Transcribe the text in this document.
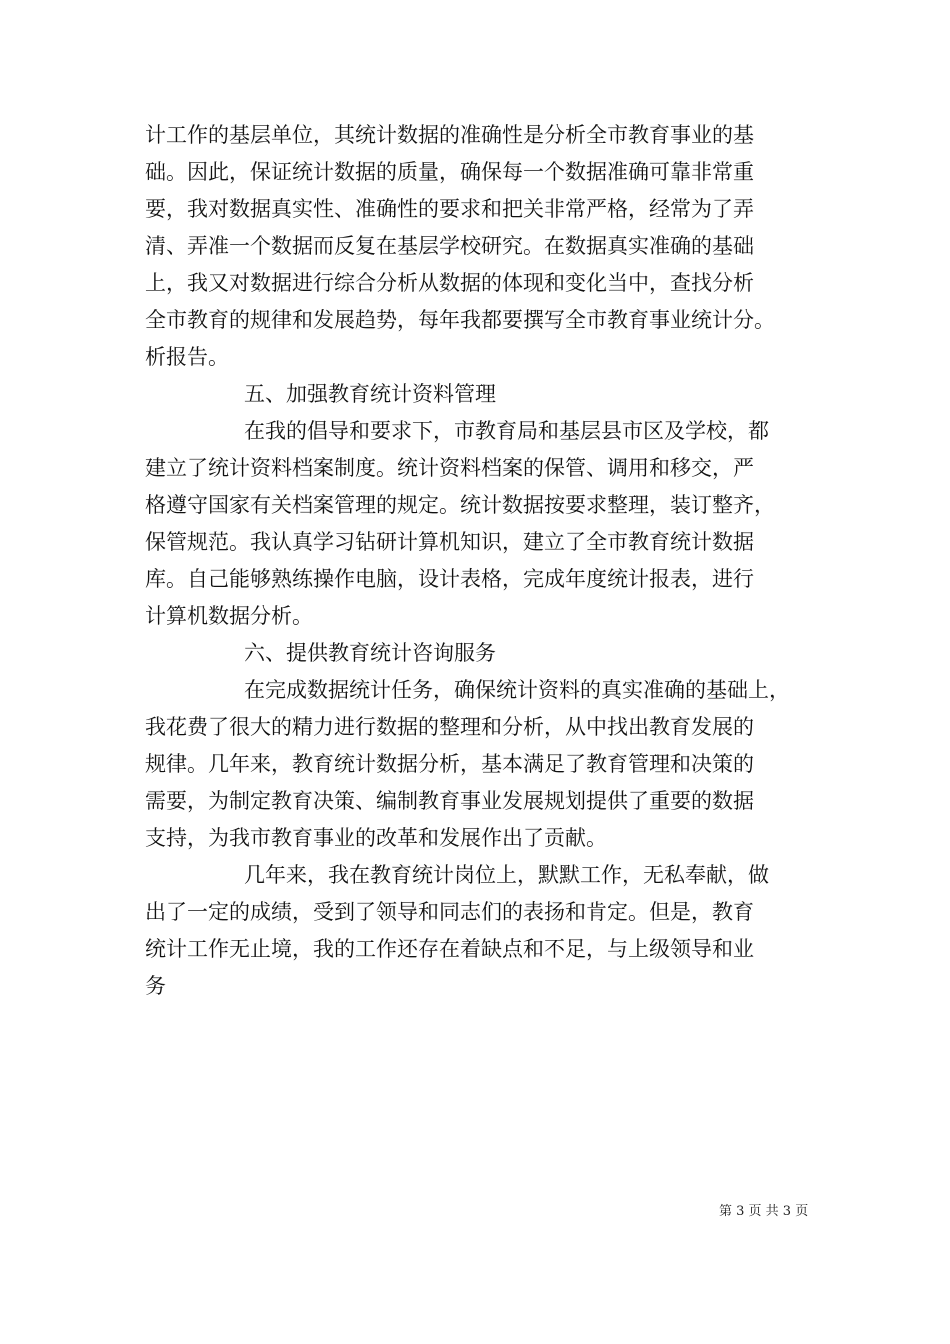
计工作的基层单位，其统计数据的准确性是分析全市教育事业的基
础。因此，保证统计数据的质量，确保每一个数据准确可靠非常重
要，我对数据真实性、准确性的要求和把关非常严格，经常为了弄
清、弄准一个数据而反复在基层学校研究。在数据真实准确的基础
上，我又对数据进行综合分析从数据的体现和变化当中，查找分析
全市教育的规律和发展趋势，每年我都要撰写全市教育事业统计分。
析报告。
五、加强教育统计资料管理
在我的倡导和要求下，市教育局和基层县市区及学校，都
建立了统计资料档案制度。统计资料档案的保管、调用和移交，严
格遵守国家有关档案管理的规定。统计数据按要求整理，装订整齐，
保管规范。我认真学习钻研计算机知识，建立了全市教育统计数据
库。自己能够熟练操作电脑，设计表格，完成年度统计报表，进行
计算机数据分析。
六、提供教育统计咨询服务
在完成数据统计任务，确保统计资料的真实准确的基础上，
我花费了很大的精力进行数据的整理和分析，从中找出教育发展的
规律。几年来，教育统计数据分析，基本满足了教育管理和决策的
需要，为制定教育决策、编制教育事业发展规划提供了重要的数据
支持，为我市教育事业的改革和发展作出了贡献。
几年来，我在教育统计岗位上，默默工作，无私奉献，做
出了一定的成绩，受到了领导和同志们的表扬和肯定。但是，教育
统计工作无止境，我的工作还存在着缺点和不足，与上级领导和业
务
第 3 页 共 3 页
